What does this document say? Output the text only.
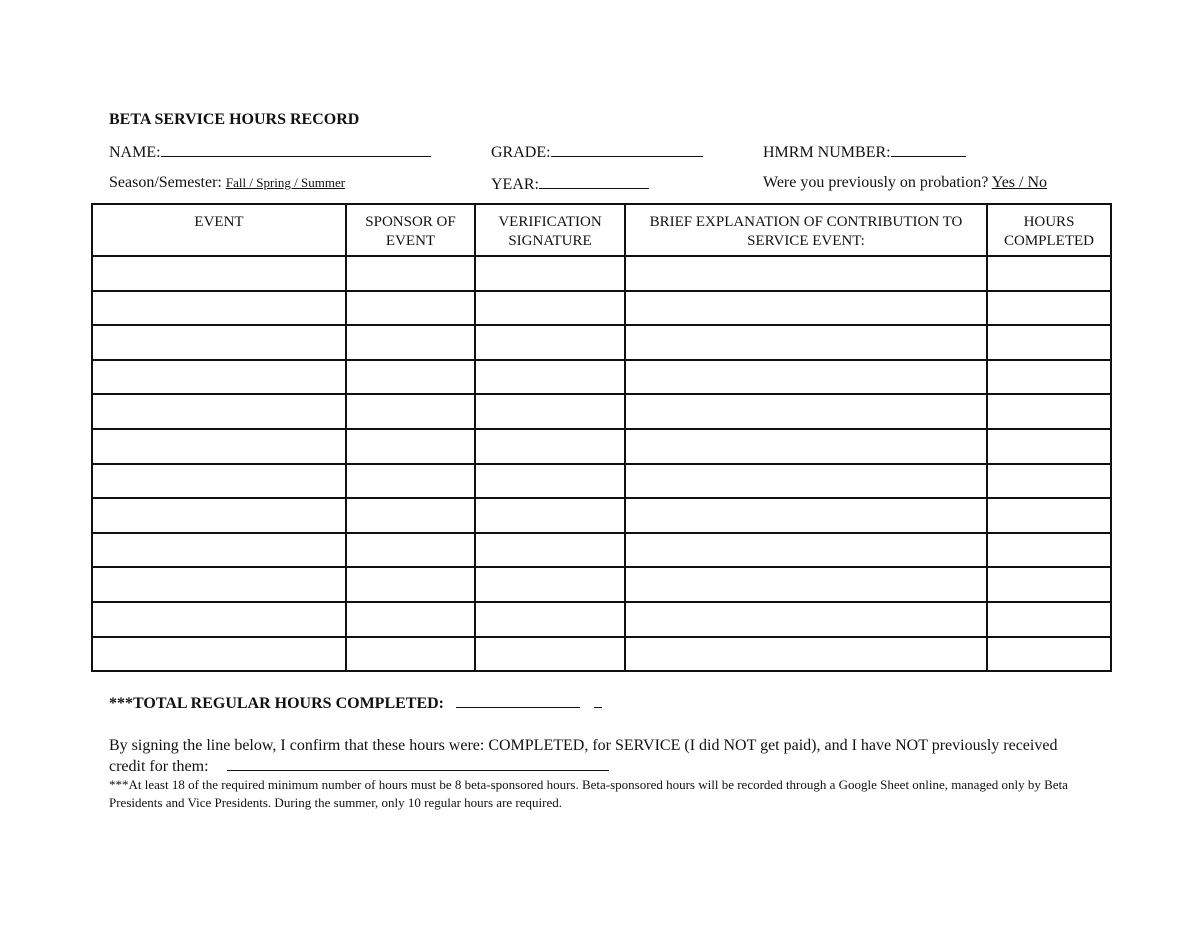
BETA SERVICE HOURS RECORD
NAME:	GRADE:	HMRM NUMBER:
Season/Semester: Fall / Spring / Summer	YEAR:	Were you previously on probation? Yes / No
EVENT	SPONSOR OF EVENT	VERIFICATION SIGNATURE	BRIEF EXPLANATION OF CONTRIBUTION TO SERVICE EVENT:	HOURS COMPLETED

***TOTAL REGULAR HOURS COMPLETED:
By signing the line below, I confirm that these hours were: COMPLETED, for SERVICE (I did NOT get paid), and I have NOT previously received credit for them:
***At least 18 of the required minimum number of hours must be 8 beta-sponsored hours. Beta-sponsored hours will be recorded through a Google Sheet online, managed only by Beta Presidents and Vice Presidents. During the summer, only 10 regular hours are required.
